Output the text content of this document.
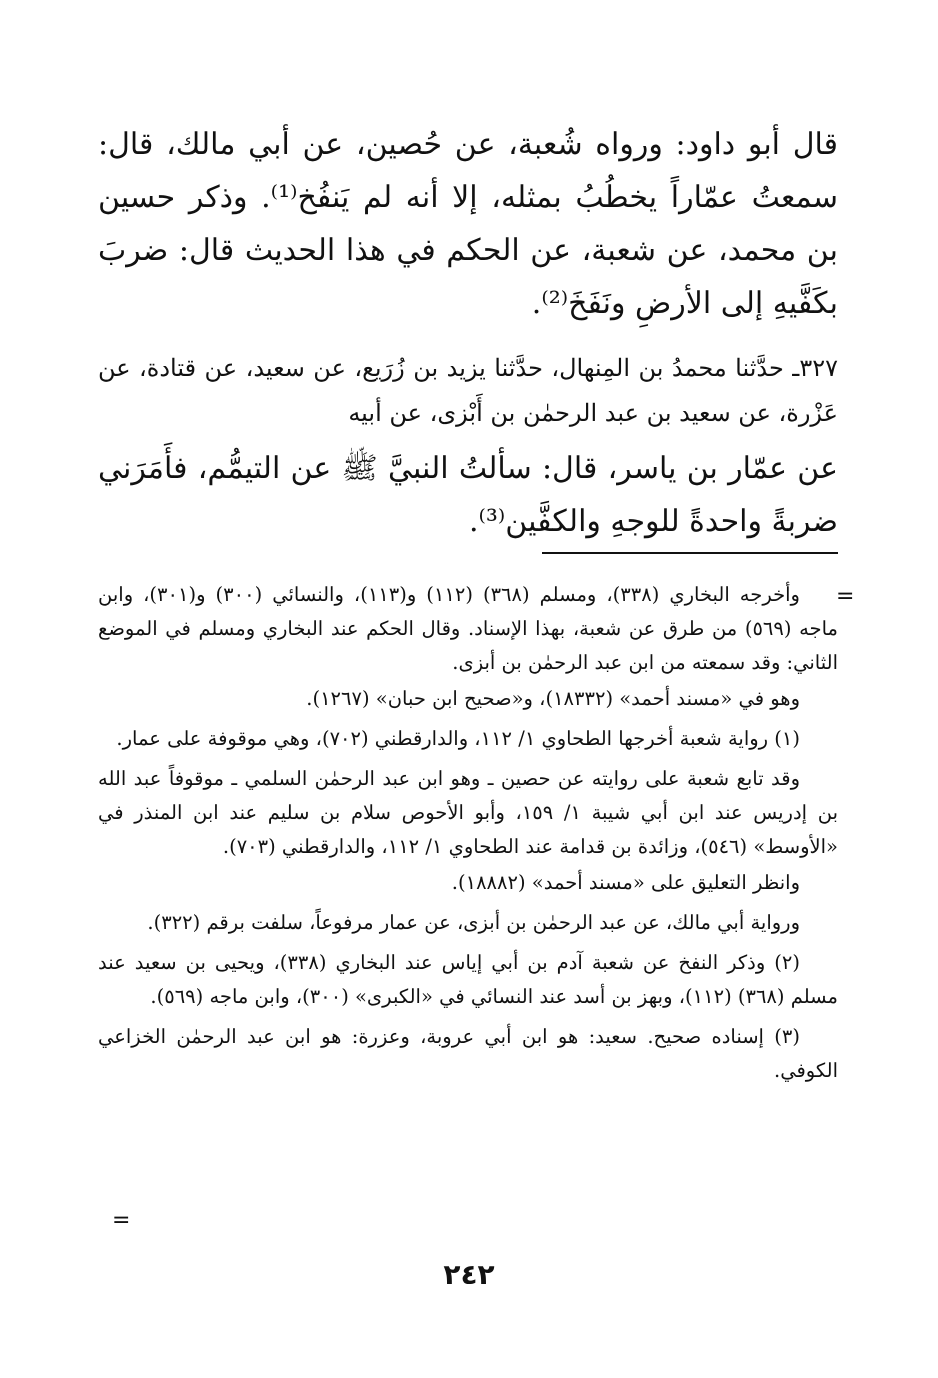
قال أبو داود: ورواه شُعبة، عن حُصين، عن أبي مالك، قال: سمعتُ عمّاراً يخطُبُ بمثله، إلا أنه لم يَنفُخ⁽¹⁾. وذكر حسين بن محمد، عن شعبة، عن الحكم في هذا الحديث قال: ضربَ بكَفَّيهِ إلى الأرضِ ونَفَخَ⁽²⁾.

٣٢٧ـ حدَّثنا محمدُ بن المِنهال، حدَّثنا يزيد بن زُرَيع، عن سعيد، عن قتادة، عن عَزْرة، عن سعيد بن عبد الرحمٰن بن أَبْزى، عن أبيه

عن عمّار بن ياسر، قال: سألتُ النبيَّ ﷺ عن التيمُّم، فأَمَرَني ضربةً واحدةً للوجهِ والكفَّين⁽³⁾.

=

وأخرجه البخاري (٣٣٨)، ومسلم (٣٦٨) (١١٢) و(١١٣)، والنسائي (٣٠٠) و(٣٠١)، وابن ماجه (٥٦٩) من طرق عن شعبة، بهذا الإسناد. وقال الحكم عند البخاري ومسلم في الموضع الثاني: وقد سمعته من ابن عبد الرحمٰن بن أبزى.

وهو في «مسند أحمد» (١٨٣٣٢)، و«صحيح ابن حبان» (١٢٦٧).

(١) رواية شعبة أخرجها الطحاوي ١/ ١١٢، والدارقطني (٧٠٢)، وهي موقوفة على عمار.

وقد تابع شعبة على روايته عن حصين ـ وهو ابن عبد الرحمٰن السلمي ـ موقوفاً عبد الله بن إدريس عند ابن أبي شيبة ١/ ١٥٩، وأبو الأحوص سلام بن سليم عند ابن المنذر في «الأوسط» (٥٤٦)، وزائدة بن قدامة عند الطحاوي ١/ ١١٢، والدارقطني (٧٠٣).

وانظر التعليق على «مسند أحمد» (١٨٨٨٢).

ورواية أبي مالك، عن عبد الرحمٰن بن أبزى، عن عمار مرفوعاً، سلفت برقم (٣٢٢).

(٢) وذكر النفخ عن شعبة آدم بن أبي إياس عند البخاري (٣٣٨)، ويحيى بن سعيد عند مسلم (٣٦٨) (١١٢)، وبهز بن أسد عند النسائي في «الكبرى» (٣٠٠)، وابن ماجه (٥٦٩).

(٣) إسناده صحيح. سعيد: هو ابن أبي عروبة، وعزرة: هو ابن عبد الرحمٰن الخزاعي الكوفي.

=
٢٤٢
